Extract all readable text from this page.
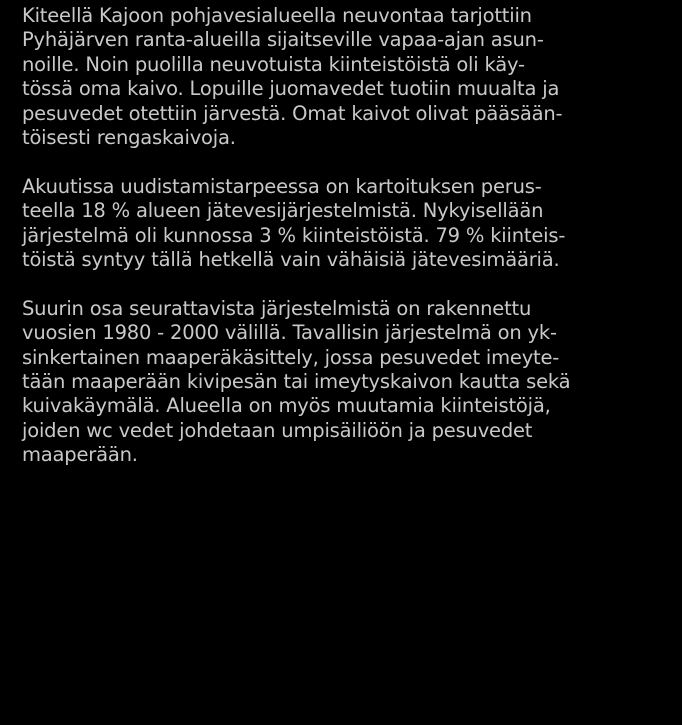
Kiteellä Kajoon pohjavesialueella neuvontaa tarjottiin
Pyhäjärven ranta-alueilla sijaitseville vapaa-ajan asun-
noille. Noin puolilla neuvotuista kiinteistöistä oli käy-
tössä oma kaivo. Lopuille juomavedet tuotiin muualta ja
pesuvedet otettiin järvestä. Omat kaivot olivat pääsään-
töisesti rengaskaivoja.

Akuutissa uudistamistarpeessa on kartoituksen perus-
teella 18 % alueen jätevesijärjestelmistä. Nykyisellään
järjestelmä oli kunnossa 3 % kiinteistöistä. 79 % kiinteis-
töistä syntyy tällä hetkellä vain vähäisiä jätevesimääriä.

Suurin osa seurattavista järjestelmistä on rakennettu
vuosien 1980 - 2000 välillä. Tavallisin järjestelmä on yk-
sinkertainen maaperäkäsittely, jossa pesuvedet imeyte-
tään maaperään kivipesän tai imeytyskaivon kautta sekä
kuivakäymälä. Alueella on myös muutamia kiinteistöjä,
joiden wc vedet johdetaan umpisäiliöön ja pesuvedet
maaperään.
